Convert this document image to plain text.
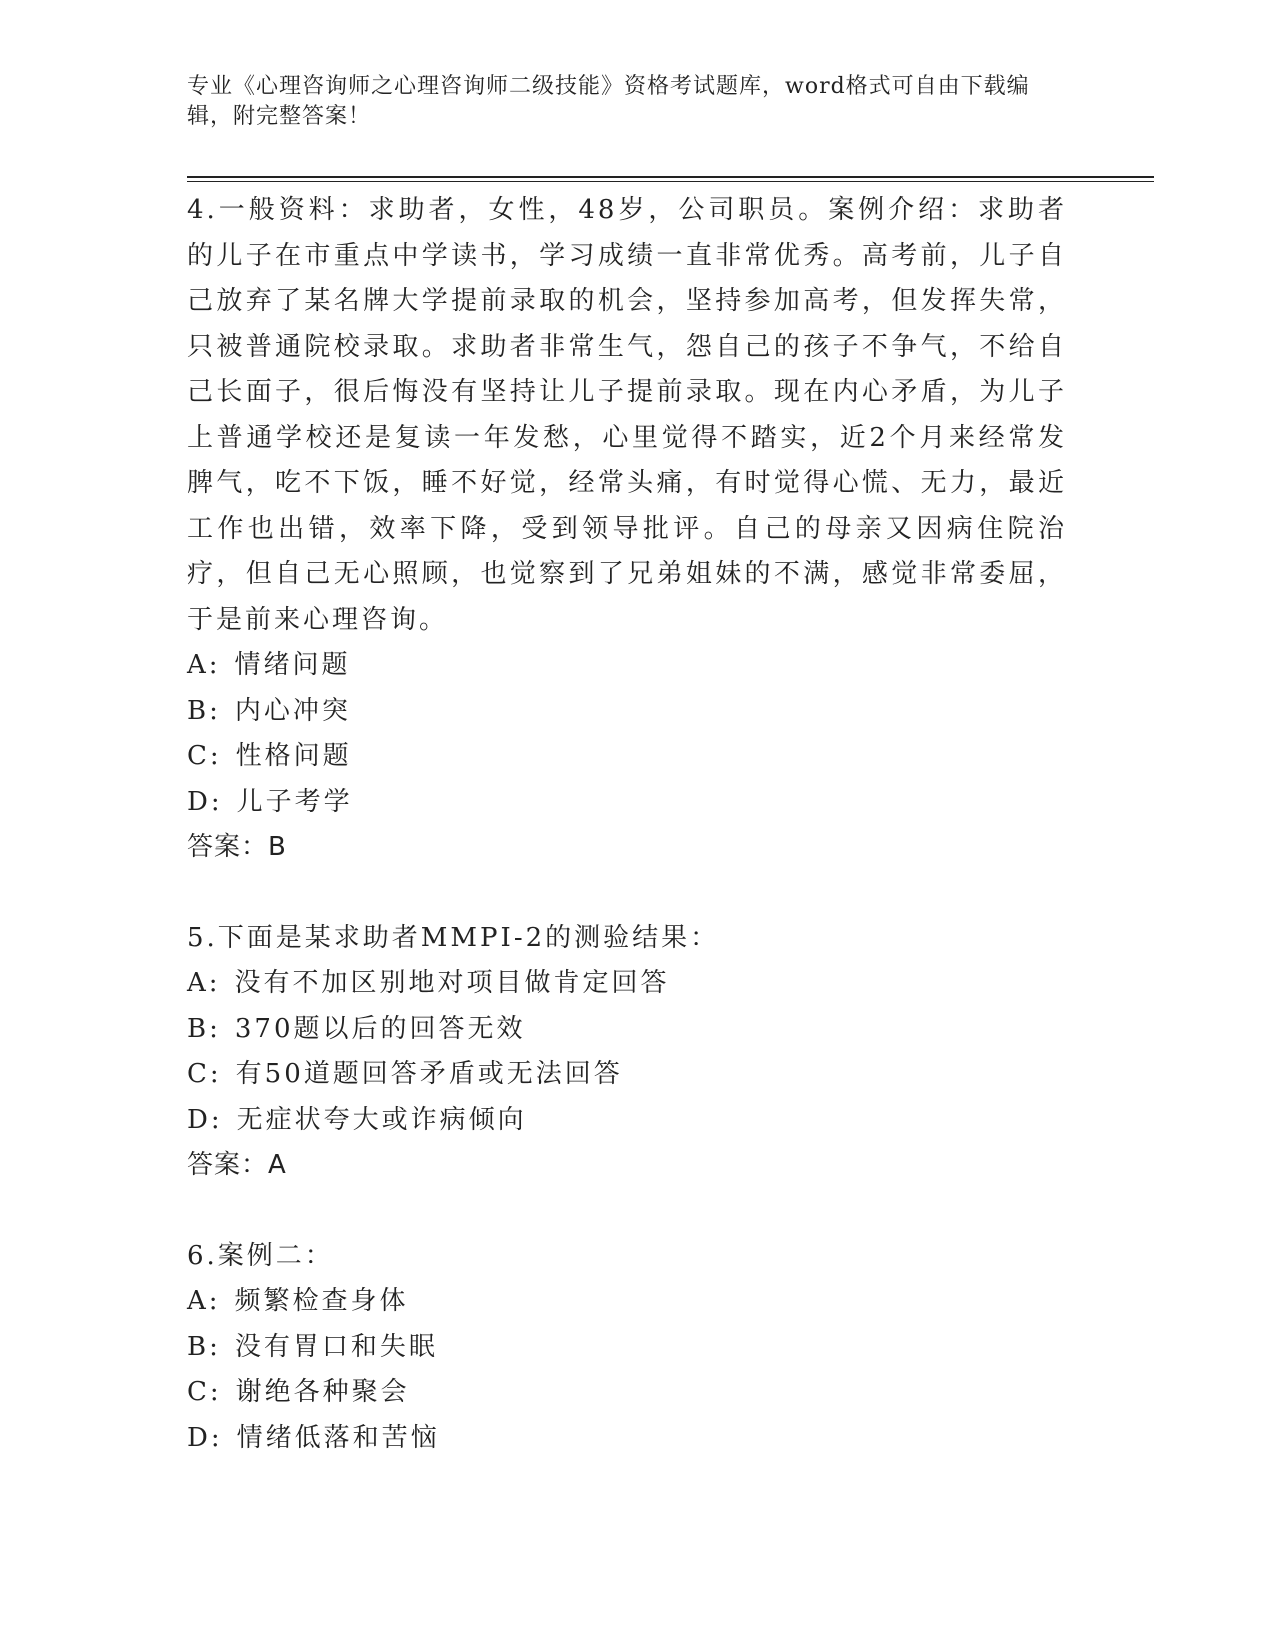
专业《心理咨询师之心理咨询师二级技能》资格考试题库，word格式可自由下载编辑，附完整答案！

4.一般资料：求助者，女性，48岁，公司职员。案例介绍：求助者的儿子在市重点中学读书，学习成绩一直非常优秀。高考前，儿子自己放弃了某名牌大学提前录取的机会，坚持参加高考，但发挥失常，只被普通院校录取。求助者非常生气，怨自己的孩子不争气，不给自己长面子，很后悔没有坚持让儿子提前录取。现在内心矛盾，为儿子上普通学校还是复读一年发愁，心里觉得不踏实，近2个月来经常发脾气，吃不下饭，睡不好觉，经常头痛，有时觉得心慌、无力，最近工作也出错，效率下降，受到领导批评。自己的母亲又因病住院治疗，但自己无心照顾，也觉察到了兄弟姐妹的不满，感觉非常委屈，于是前来心理咨询。

A: 情绪问题

B: 内心冲突

C: 性格问题

D: 儿子考学

答案：B

5.下面是某求助者MMPI-2的测验结果：

A: 没有不加区别地对项目做肯定回答

B: 370题以后的回答无效

C: 有50道题回答矛盾或无法回答

D: 无症状夸大或诈病倾向

答案：A

6.案例二：

A: 频繁检查身体

B: 没有胃口和失眠

C: 谢绝各种聚会

D: 情绪低落和苦恼
